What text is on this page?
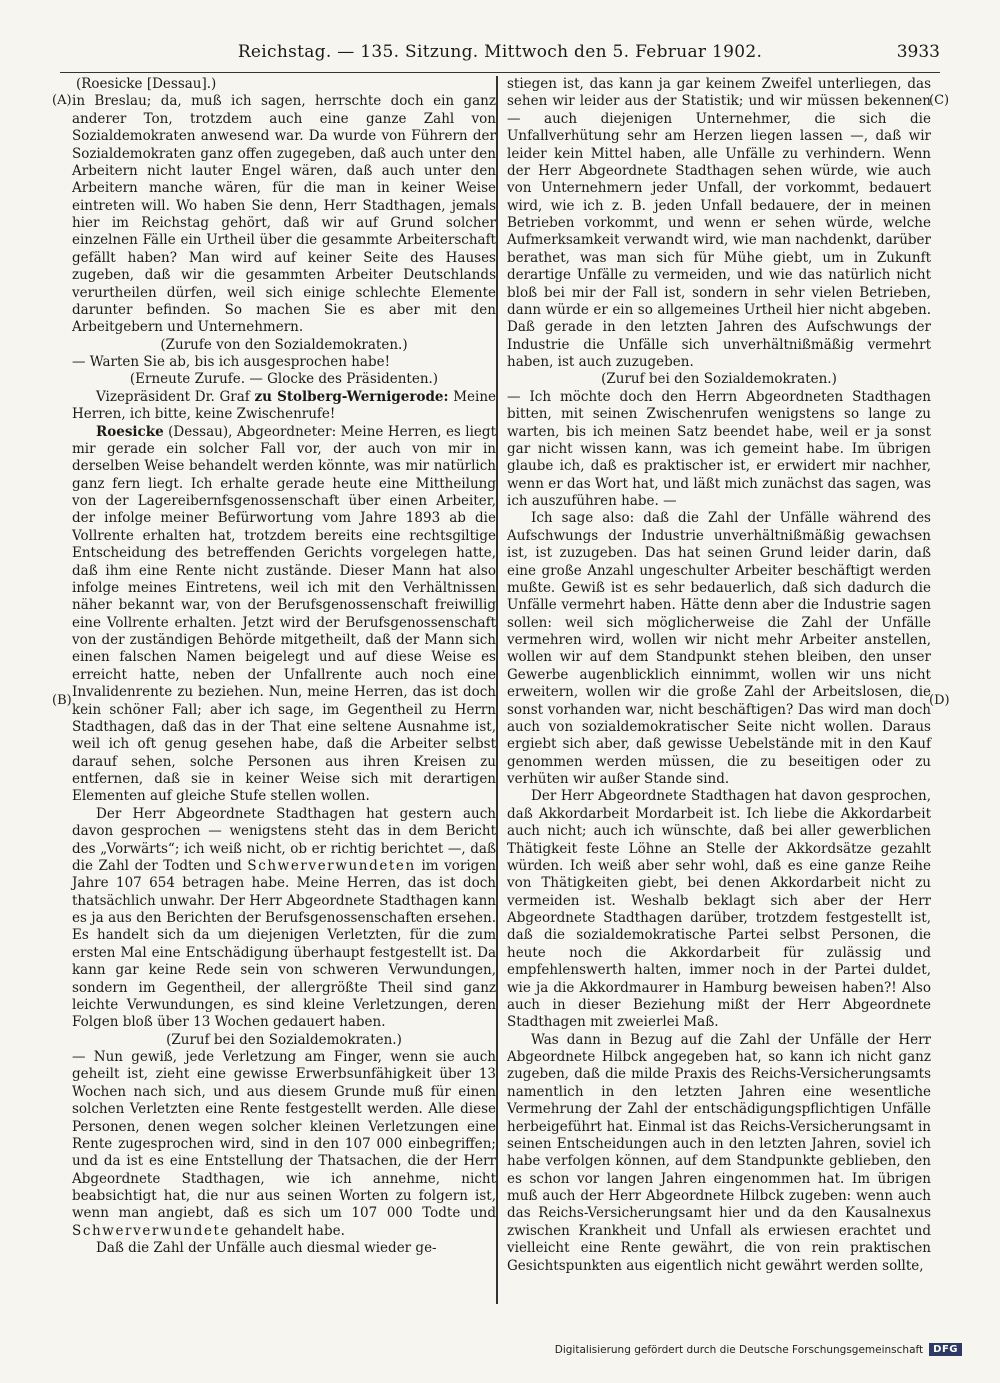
Reichstag. — 135. Sitzung. Mittwoch den 5. Februar 1902.	3933
(A)
(B)
(C)
(D)

(Roesicke [Dessau].)

in Breslau; da, muß ich sagen, herrschte doch ein ganz anderer Ton, trotzdem auch eine ganze Zahl von Sozialdemokraten anwesend war. Da wurde von Führern der Sozialdemokraten ganz offen zugegeben, daß auch unter den Arbeitern nicht lauter Engel wären, daß auch unter den Arbeitern manche wären, für die man in keiner Weise eintreten will. Wo haben Sie denn, Herr Stadthagen, jemals hier im Reichstag gehört, daß wir auf Grund solcher einzelnen Fälle ein Urtheil über die gesammte Arbeiterschaft gefällt haben? Man wird auf keiner Seite des Hauses zugeben, daß wir die gesammten Arbeiter Deutschlands verurtheilen dürfen, weil sich einige schlechte Elemente darunter befinden. So machen Sie es aber mit den Arbeitgebern und Unternehmern.

(Zurufe von den Sozialdemokraten.)

— Warten Sie ab, bis ich ausgesprochen habe!

(Erneute Zurufe. — Glocke des Präsidenten.)

Vizepräsident Dr. Graf zu Stolberg-Wernigerode: Meine Herren, ich bitte, keine Zwischenrufe!

Roesicke (Dessau), Abgeordneter: Meine Herren, es liegt mir gerade ein solcher Fall vor, der auch von mir in derselben Weise behandelt werden könnte, was mir natürlich ganz fern liegt. Ich erhalte gerade heute eine Mittheilung von der Lagereibernfsgenossenschaft über einen Arbeiter, der infolge meiner Befürwortung vom Jahre 1893 ab die Vollrente erhalten hat, trotzdem bereits eine rechtsgiltige Entscheidung des betreffenden Gerichts vorgelegen hatte, daß ihm eine Rente nicht zustände. Dieser Mann hat also infolge meines Eintretens, weil ich mit den Verhältnissen näher bekannt war, von der Berufsgenossenschaft freiwillig eine Vollrente erhalten. Jetzt wird der Berufsgenossenschaft von der zuständigen Behörde mitgetheilt, daß der Mann sich einen falschen Namen beigelegt und auf diese Weise es erreicht hatte, neben der Unfallrente auch noch eine Invalidenrente zu beziehen. Nun, meine Herren, das ist doch kein schöner Fall; aber ich sage, im Gegentheil zu Herrn Stadthagen, daß das in der That eine seltene Ausnahme ist, weil ich oft genug gesehen habe, daß die Arbeiter selbst darauf sehen, solche Personen aus ihren Kreisen zu entfernen, daß sie in keiner Weise sich mit derartigen Elementen auf gleiche Stufe stellen wollen.

Der Herr Abgeordnete Stadthagen hat gestern auch davon gesprochen — wenigstens steht das in dem Bericht des „Vorwärts“; ich weiß nicht, ob er richtig berichtet —, daß die Zahl der Todten und Schwerverwundeten im vorigen Jahre 107 654 betragen habe. Meine Herren, das ist doch thatsächlich unwahr. Der Herr Abgeordnete Stadthagen kann es ja aus den Berichten der Berufsgenossenschaften ersehen. Es handelt sich da um diejenigen Verletzten, für die zum ersten Mal eine Entschädigung überhaupt festgestellt ist. Da kann gar keine Rede sein von schweren Verwundungen, sondern im Gegentheil, der allergrößte Theil sind ganz leichte Verwundungen, es sind kleine Verletzungen, deren Folgen bloß über 13 Wochen gedauert haben.

(Zuruf bei den Sozialdemokraten.)

— Nun gewiß, jede Verletzung am Finger, wenn sie auch geheilt ist, zieht eine gewisse Erwerbsunfähigkeit über 13 Wochen nach sich, und aus diesem Grunde muß für einen solchen Verletzten eine Rente festgestellt werden. Alle diese Personen, denen wegen solcher kleinen Verletzungen eine Rente zugesprochen wird, sind in den 107 000 einbegriffen; und da ist es eine Entstellung der Thatsachen, die der Herr Abgeordnete Stadthagen, wie ich annehme, nicht beabsichtigt hat, die nur aus seinen Worten zu folgern ist, wenn man angiebt, daß es sich um 107 000 Todte und Schwerverwundete gehandelt habe.

Daß die Zahl der Unfälle auch diesmal wieder ge-

stiegen ist, das kann ja gar keinem Zweifel unterliegen, das sehen wir leider aus der Statistik; und wir müssen bekennen — auch diejenigen Unternehmer, die sich die Unfallverhütung sehr am Herzen liegen lassen —, daß wir leider kein Mittel haben, alle Unfälle zu verhindern. Wenn der Herr Abgeordnete Stadthagen sehen würde, wie auch von Unternehmern jeder Unfall, der vorkommt, bedauert wird, wie ich z. B. jeden Unfall bedauere, der in meinen Betrieben vorkommt, und wenn er sehen würde, welche Aufmerksamkeit verwandt wird, wie man nachdenkt, darüber berathet, was man sich für Mühe giebt, um in Zukunft derartige Unfälle zu vermeiden, und wie das natürlich nicht bloß bei mir der Fall ist, sondern in sehr vielen Betrieben, dann würde er ein so allgemeines Urtheil hier nicht abgeben. Daß gerade in den letzten Jahren des Aufschwungs der Industrie die Unfälle sich unverhältnißmäßig vermehrt haben, ist auch zuzugeben.

(Zuruf bei den Sozialdemokraten.)

— Ich möchte doch den Herrn Abgeordneten Stadthagen bitten, mit seinen Zwischenrufen wenigstens so lange zu warten, bis ich meinen Satz beendet habe, weil er ja sonst gar nicht wissen kann, was ich gemeint habe. Im übrigen glaube ich, daß es praktischer ist, er erwidert mir nachher, wenn er das Wort hat, und läßt mich zunächst das sagen, was ich auszuführen habe. —

Ich sage also: daß die Zahl der Unfälle während des Aufschwungs der Industrie unverhältnißmäßig gewachsen ist, ist zuzugeben. Das hat seinen Grund leider darin, daß eine große Anzahl ungeschulter Arbeiter beschäftigt werden mußte. Gewiß ist es sehr bedauerlich, daß sich dadurch die Unfälle vermehrt haben. Hätte denn aber die Industrie sagen sollen: weil sich möglicherweise die Zahl der Unfälle vermehren wird, wollen wir nicht mehr Arbeiter anstellen, wollen wir auf dem Standpunkt stehen bleiben, den unser Gewerbe augenblicklich einnimmt, wollen wir uns nicht erweitern, wollen wir die große Zahl der Arbeitslosen, die sonst vorhanden war, nicht beschäftigen? Das wird man doch auch von sozialdemokratischer Seite nicht wollen. Daraus ergiebt sich aber, daß gewisse Uebelstände mit in den Kauf genommen werden müssen, die zu beseitigen oder zu verhüten wir außer Stande sind.

Der Herr Abgeordnete Stadthagen hat davon gesprochen, daß Akkordarbeit Mordarbeit ist. Ich liebe die Akkordarbeit auch nicht; auch ich wünschte, daß bei aller gewerblichen Thätigkeit feste Löhne an Stelle der Akkordsätze gezahlt würden. Ich weiß aber sehr wohl, daß es eine ganze Reihe von Thätigkeiten giebt, bei denen Akkordarbeit nicht zu vermeiden ist. Weshalb beklagt sich aber der Herr Abgeordnete Stadthagen darüber, trotzdem festgestellt ist, daß die sozialdemokratische Partei selbst Personen, die heute noch die Akkordarbeit für zulässig und empfehlenswerth halten, immer noch in der Partei duldet, wie ja die Akkordmaurer in Hamburg beweisen haben?! Also auch in dieser Beziehung mißt der Herr Abgeordnete Stadthagen mit zweierlei Maß.

Was dann in Bezug auf die Zahl der Unfälle der Herr Abgeordnete Hilbck angegeben hat, so kann ich nicht ganz zugeben, daß die milde Praxis des Reichs-Versicherungsamts namentlich in den letzten Jahren eine wesentliche Vermehrung der Zahl der entschädigungspflichtigen Unfälle herbeigeführt hat. Einmal ist das Reichs-Versicherungsamt in seinen Entscheidungen auch in den letzten Jahren, soviel ich habe verfolgen können, auf dem Standpunkte geblieben, den es schon vor langen Jahren eingenommen hat. Im übrigen muß auch der Herr Abgeordnete Hilbck zugeben: wenn auch das Reichs-Versicherungsamt hier und da den Kausalnexus zwischen Krankheit und Unfall als erwiesen erachtet und vielleicht eine Rente gewährt, die von rein praktischen Gesichtspunkten aus eigentlich nicht gewährt werden sollte,

Digitalisierung gefördert durch die Deutsche Forschungsgemeinschaft	DFG
